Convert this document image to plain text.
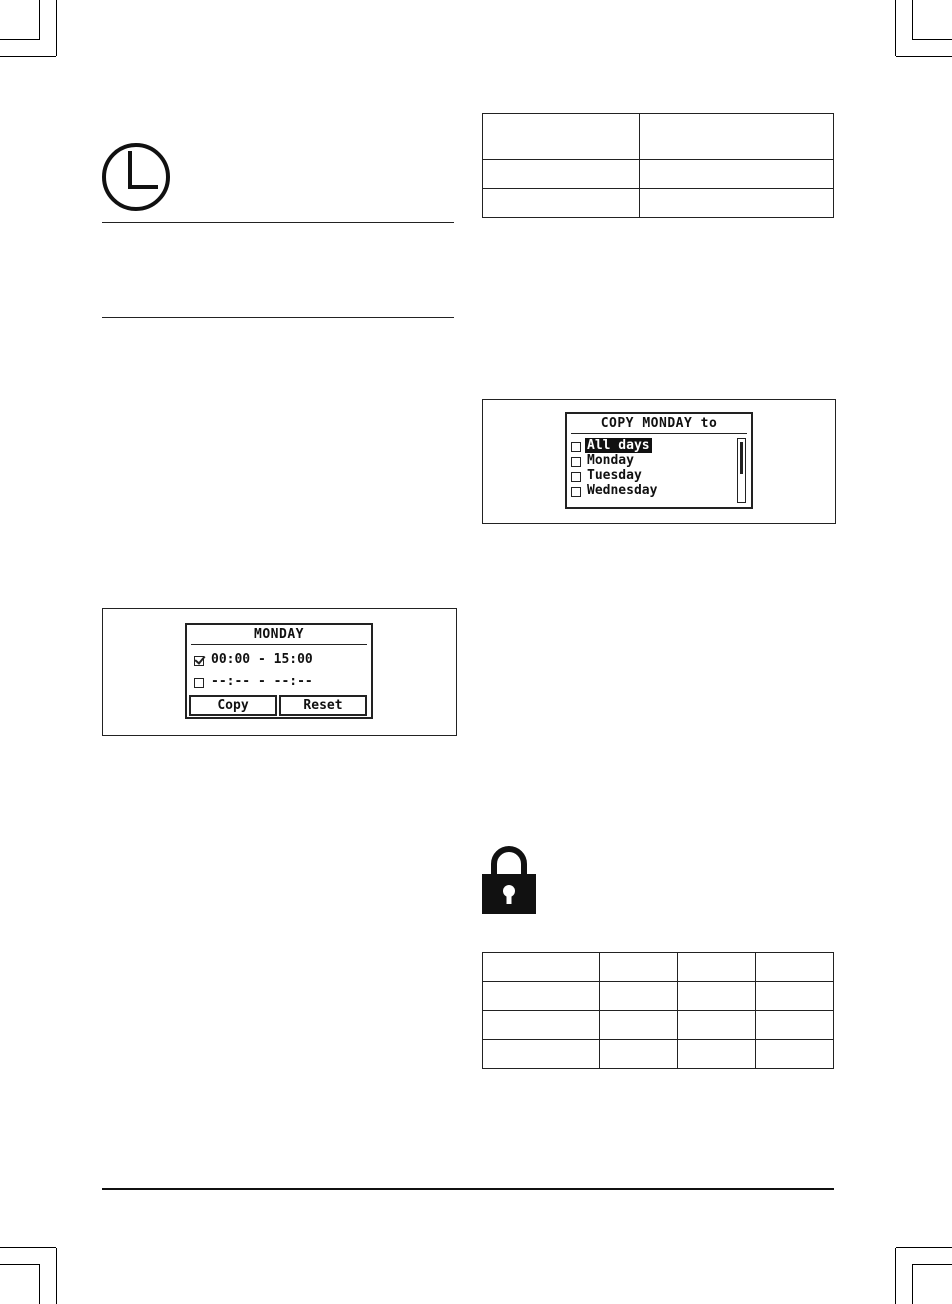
MONDAY
00:00 - 15:00
--:-- - --:--
Copy	Reset

COPY MONDAY to
All days
Monday
Tuesday
Wednesday
